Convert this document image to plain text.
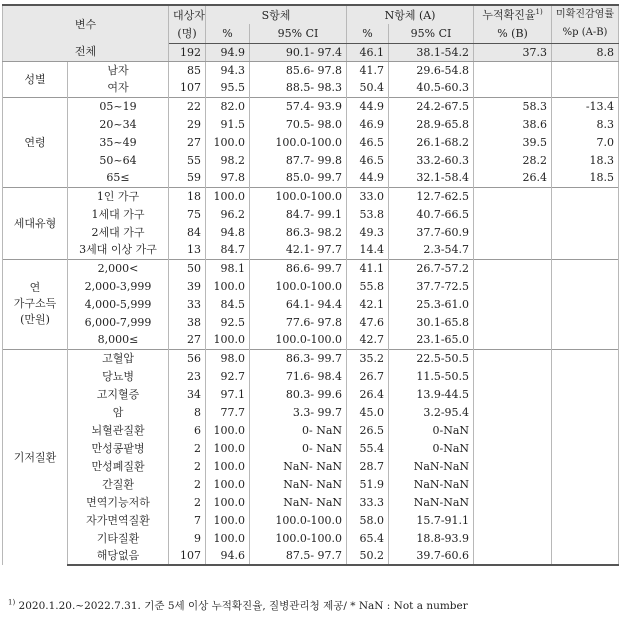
변수		대상자	S항체		N항체 (A)		누적확진율$^{1)}$	미확진감염률
		(명)	%	95% CI	%	95% CI	% (B)	%p (A-B)
전체		192	94.9	90.1- 97.4	46.1	38.1-54.2	37.3	8.8
성별	남자	85	94.3	85.6- 97.8	41.7	29.6-54.8		
	여자	107	95.5	88.5- 98.3	50.4	40.5-60.3		
연령	05~19	22	82.0	57.4- 93.9	44.9	24.2-67.5	58.3	-13.4
	20~34	29	91.5	70.5- 98.0	46.9	28.9-65.8	38.6	8.3
	35~49	27	100.0	100.0-100.0	46.5	26.1-68.2	39.5	7.0
	50~64	55	98.2	87.7- 99.8	46.5	33.2-60.3	28.2	18.3
	65≤	59	97.8	85.0- 99.7	44.9	32.1-58.4	26.4	18.5
세대유형	1인 가구	18	100.0	100.0-100.0	33.0	12.7-62.5		
	1세대 가구	75	96.2	84.7- 99.1	53.8	40.7-66.5		
	2세대 가구	84	94.8	86.3- 98.2	49.3	37.7-60.9		
	3세대 이상 가구	13	84.7	42.1- 97.7	14.4	2.3-54.7		

연
가구소득
(만원)	2,000<	50	98.1	86.6- 99.7	41.1	26.7-57.2		
	2,000-3,999	39	100.0	100.0-100.0	55.8	37.7-72.5		
	4,000-5,999	33	84.5	64.1- 94.4	42.1	25.3-61.0		
	6,000-7,999	38	92.5	77.6- 97.8	47.6	30.1-65.8		
	8,000≤	27	100.0	100.0-100.0	42.7	23.1-65.0		
기저질환	고혈압	56	98.0	86.3- 99.7	35.2	22.5-50.5		
	당뇨병	23	92.7	71.6- 98.4	26.7	11.5-50.5		
	고지혈증	34	97.1	80.3- 99.6	26.4	13.9-44.5		
	암	8	77.7	3.3- 99.7	45.0	3.2-95.4		
	뇌혈관질환	6	100.0	0- NaN	26.5	0-NaN		
	만성콩팥병	2	100.0	0- NaN	55.4	0-NaN		
	만성폐질환	2	100.0	NaN- NaN	28.7	NaN-NaN		
	간질환	2	100.0	NaN- NaN	51.9	NaN-NaN		
	면역기능저하	2	100.0	NaN- NaN	33.3	NaN-NaN		
	자가면역질환	7	100.0	100.0-100.0	58.0	15.7-91.1		
	기타질환	9	100.0	100.0-100.0	65.4	18.8-93.9		
	해당없음	107	94.6	87.5- 97.7	50.2	39.7-60.6		
$^{1)}$ 2020.1.20.~2022.7.31. 기준 5세 이상 누적확진율, 질병관리청 제공/ * NaN : Not a number
